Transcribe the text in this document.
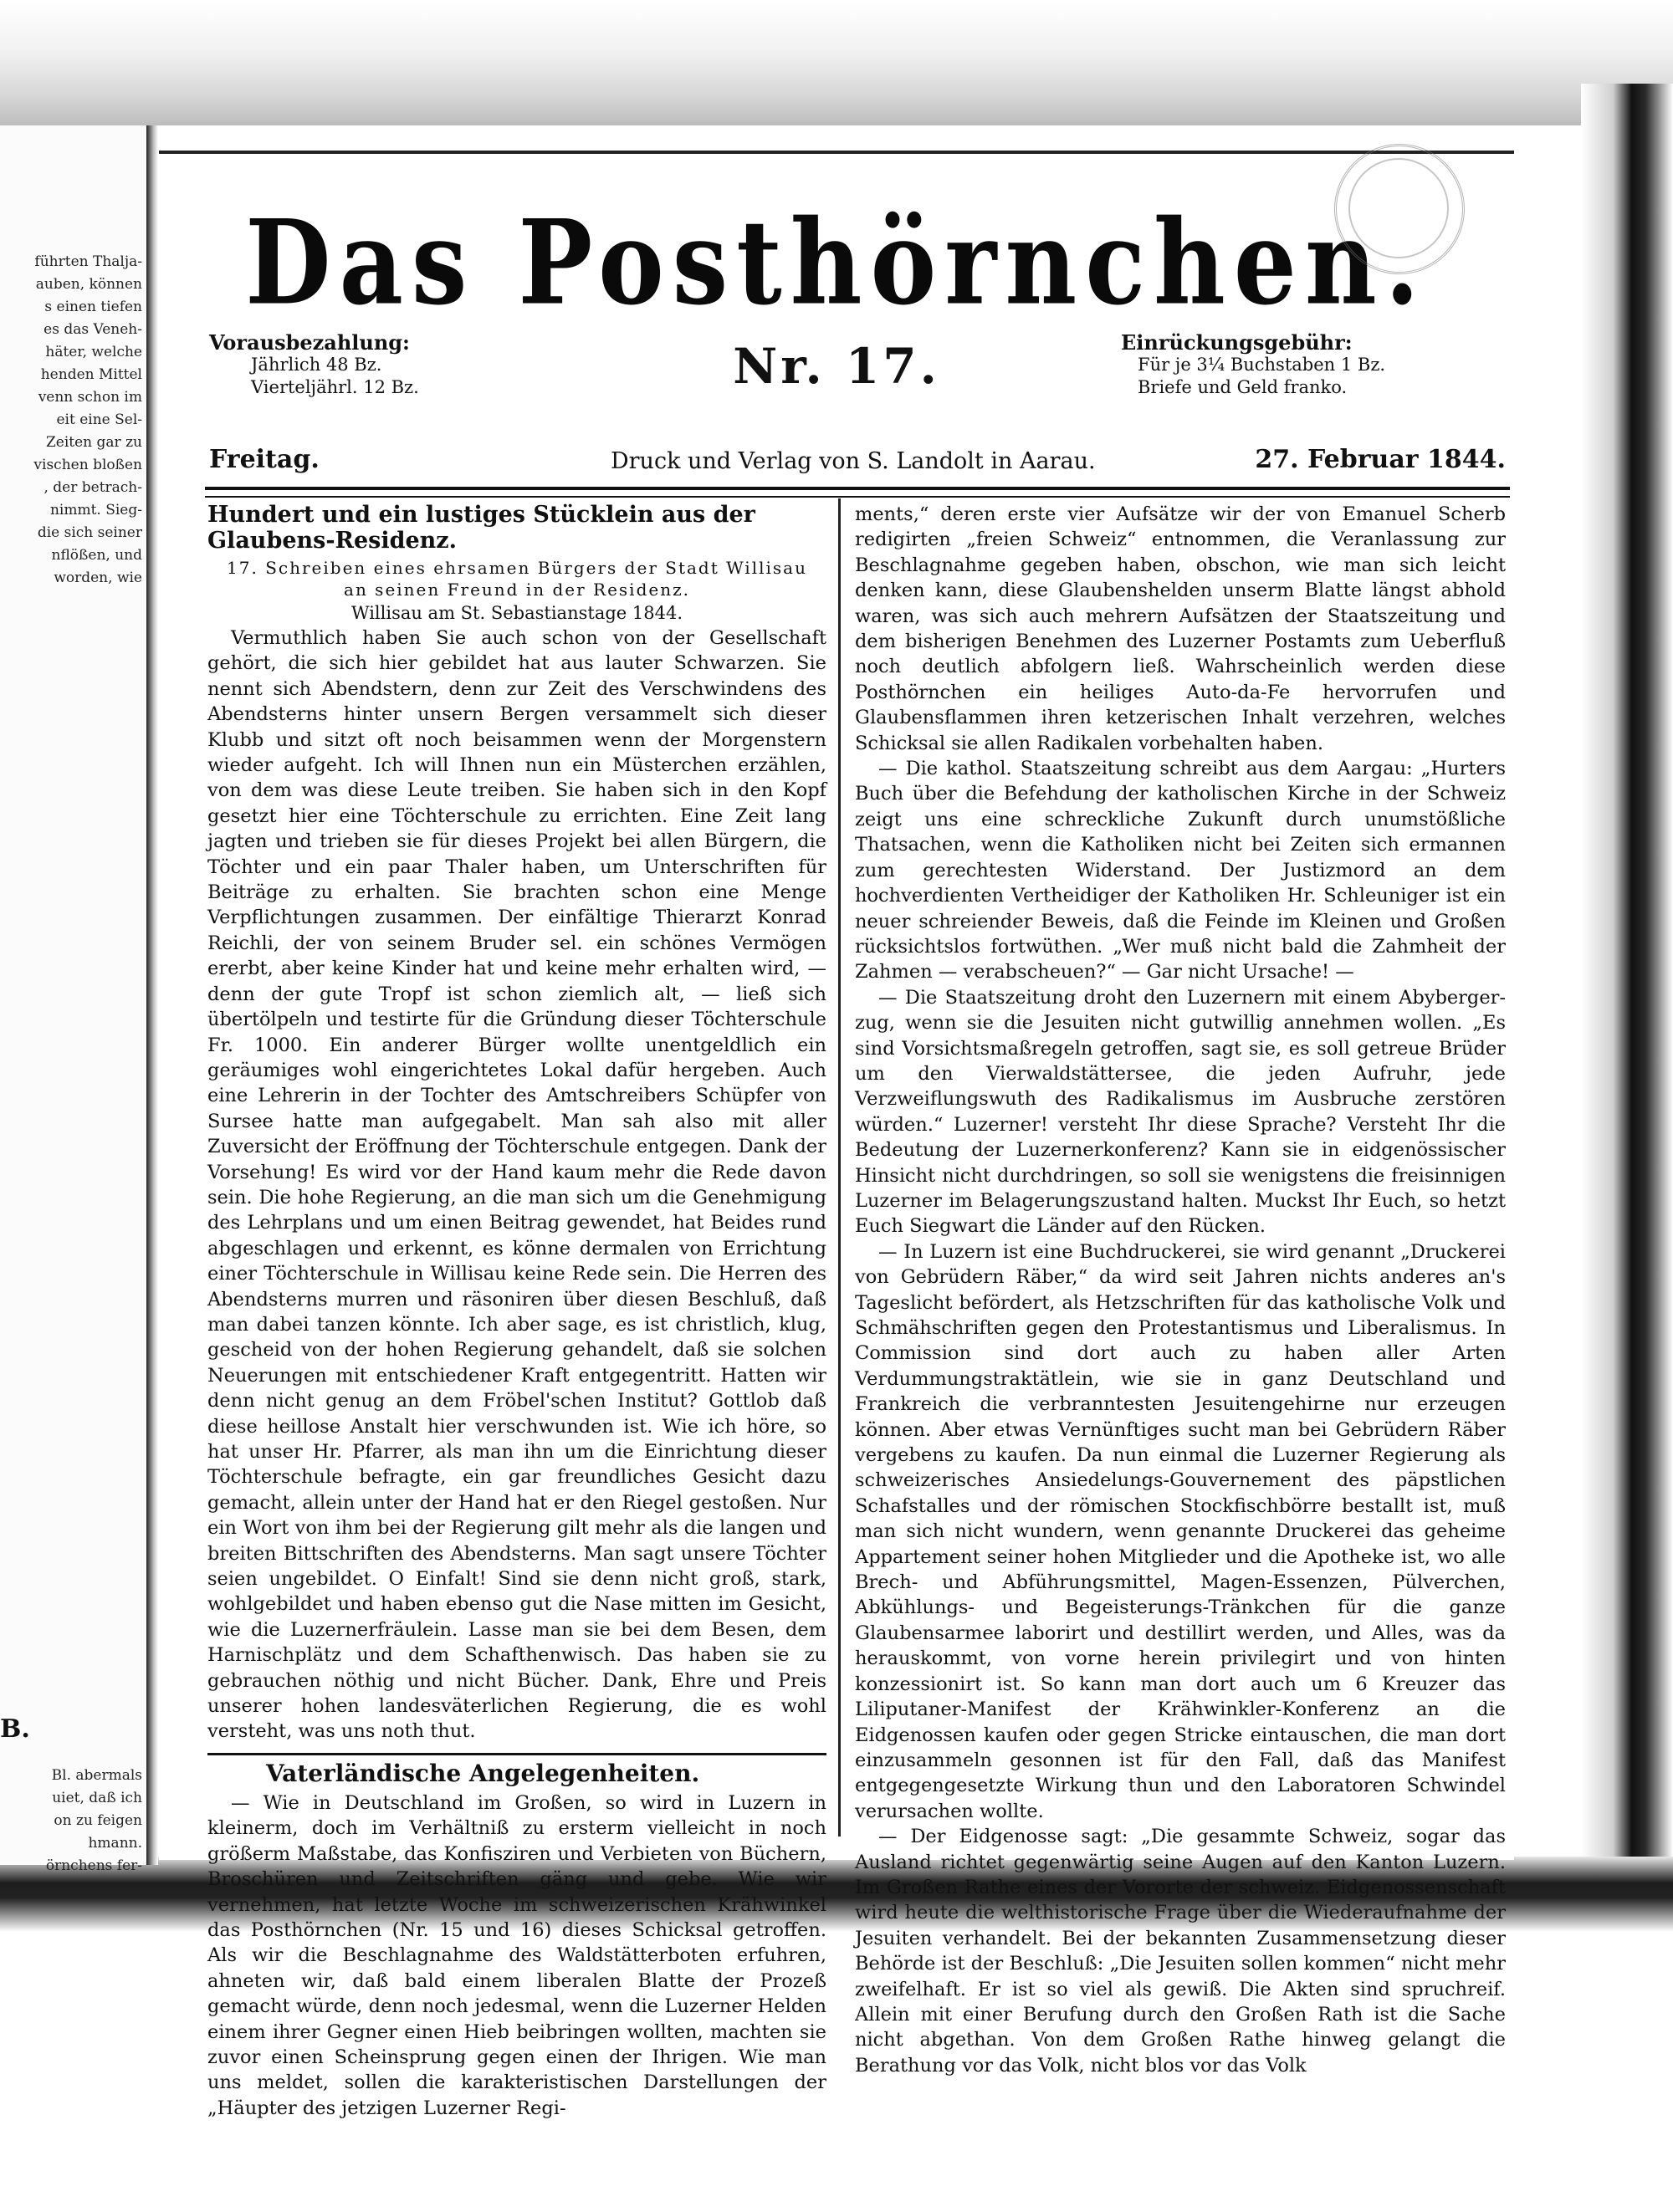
führten Thalja-
auben, können
s einen tiefen
es das Veneh-
häter, welche
henden Mittel
venn schon im
eit eine Sel-
Zeiten gar zu
vischen bloßen
, der betrach-
nimmt. Sieg-
die sich seiner
nflößen, und
worden, wie
B.
Bl. abermals
uiet, daß ich
on zu feigen
hmann.
örnchens fer-
Das Posthörnchen.
Vorausbezahlung:
Jährlich 48 Bz.
Vierteljährl. 12 Bz.	Nr. 17.	Einrückungsgebühr:
Für je 3¼ Buchstaben 1 Bz.
Briefe und Geld franko.
Freitag.	Druck und Verlag von S. Landolt in Aarau.	27. Februar 1844.
Hundert und ein lustiges Stücklein aus der Glaubens-Residenz.

17. Schreiben eines ehrsamen Bürgers der Stadt Willisau

an seinen Freund in der Residenz.

Willisau am St. Sebastianstage 1844.

Vermuthlich haben Sie auch schon von der Gesellschaft gehört, die sich hier gebildet hat aus lauter Schwarzen. Sie nennt sich Abendstern, denn zur Zeit des Verschwindens des Abendsterns hinter unsern Bergen versammelt sich dieser Klubb und sitzt oft noch beisammen wenn der Morgenstern wieder aufgeht. Ich will Ihnen nun ein Müsterchen erzählen, von dem was diese Leute treiben. Sie haben sich in den Kopf gesetzt hier eine Töchterschule zu errichten. Eine Zeit lang jagten und trieben sie für dieses Projekt bei allen Bürgern, die Töchter und ein paar Thaler haben, um Unterschriften für Beiträge zu erhalten. Sie brachten schon eine Menge Verpflichtungen zusammen. Der einfältige Thierarzt Konrad Reichli, der von seinem Bruder sel. ein schönes Vermögen ererbt, aber keine Kinder hat und keine mehr erhalten wird, — denn der gute Tropf ist schon ziemlich alt, — ließ sich übertölpeln und testirte für die Gründung dieser Töchterschule Fr. 1000. Ein anderer Bürger wollte unentgeldlich ein geräumiges wohl eingerichtetes Lokal dafür hergeben. Auch eine Lehrerin in der Tochter des Amtschreibers Schüpfer von Sursee hatte man aufgegabelt. Man sah also mit aller Zuversicht der Eröffnung der Töchterschule entgegen. Dank der Vorsehung! Es wird vor der Hand kaum mehr die Rede davon sein. Die hohe Regierung, an die man sich um die Genehmigung des Lehrplans und um einen Beitrag gewendet, hat Beides rund abgeschlagen und erkennt, es könne dermalen von Errichtung einer Töchterschule in Willisau keine Rede sein. Die Herren des Abendsterns murren und räsoniren über diesen Beschluß, daß man dabei tanzen könnte. Ich aber sage, es ist christlich, klug, gescheid von der hohen Regierung gehandelt, daß sie solchen Neuerungen mit entschiedener Kraft entgegentritt. Hatten wir denn nicht genug an dem Fröbel'schen Institut? Gottlob daß diese heillose Anstalt hier verschwunden ist. Wie ich höre, so hat unser Hr. Pfarrer, als man ihn um die Einrichtung dieser Töchterschule befragte, ein gar freundliches Gesicht dazu gemacht, allein unter der Hand hat er den Riegel gestoßen. Nur ein Wort von ihm bei der Regierung gilt mehr als die langen und breiten Bittschriften des Abendsterns. Man sagt unsere Töchter seien ungebildet. O Einfalt! Sind sie denn nicht groß, stark, wohlgebildet und haben ebenso gut die Nase mitten im Gesicht, wie die Luzernerfräulein. Lasse man sie bei dem Besen, dem Harnischplätz und dem Schafthenwisch. Das haben sie zu gebrauchen nöthig und nicht Bücher. Dank, Ehre und Preis unserer hohen landesväterlichen Regierung, die es wohl versteht, was uns noth thut.

Vaterländische Angelegenheiten.

— Wie in Deutschland im Großen, so wird in Luzern in kleinerm, doch im Verhältniß zu ersterm vielleicht in noch größerm Maßstabe, das Konfisziren und Verbieten von Büchern, Broschüren und Zeitschriften gäng und gebe. Wie wir vernehmen, hat letzte Woche im schweizerischen Krähwinkel das Posthörnchen (Nr. 15 und 16) dieses Schicksal getroffen. Als wir die Beschlagnahme des Waldstätterboten erfuhren, ahneten wir, daß bald einem liberalen Blatte der Prozeß gemacht würde, denn noch jedesmal, wenn die Luzerner Helden einem ihrer Gegner einen Hieb beibringen wollten, machten sie zuvor einen Scheinsprung gegen einen der Ihrigen. Wie man uns meldet, sollen die karakteristischen Darstellungen der „Häupter des jetzigen Luzerner Regi-

ments,“ deren erste vier Aufsätze wir der von Emanuel Scherb redigirten „freien Schweiz“ entnommen, die Veranlassung zur Beschlagnahme gegeben haben, obschon, wie man sich leicht denken kann, diese Glaubenshelden unserm Blatte längst abhold waren, was sich auch mehrern Aufsätzen der Staatszeitung und dem bisherigen Benehmen des Luzerner Postamts zum Ueberfluß noch deutlich abfolgern ließ. Wahrscheinlich werden diese Posthörnchen ein heiliges Auto-da-Fe hervorrufen und Glaubensflammen ihren ketzerischen Inhalt verzehren, welches Schicksal sie allen Radikalen vorbehalten haben.

— Die kathol. Staatszeitung schreibt aus dem Aargau: „Hurters Buch über die Befehdung der katholischen Kirche in der Schweiz zeigt uns eine schreckliche Zukunft durch unumstößliche Thatsachen, wenn die Katholiken nicht bei Zeiten sich ermannen zum gerechtesten Widerstand. Der Justizmord an dem hochverdienten Vertheidiger der Katholiken Hr. Schleuniger ist ein neuer schreiender Beweis, daß die Feinde im Kleinen und Großen rücksichtslos fortwüthen. „Wer muß nicht bald die Zahmheit der Zahmen — verabscheuen?“ — Gar nicht Ursache! —

— Die Staatszeitung droht den Luzernern mit einem Abyberger-zug, wenn sie die Jesuiten nicht gutwillig annehmen wollen. „Es sind Vorsichtsmaßregeln getroffen, sagt sie, es soll getreue Brüder um den Vierwaldstättersee, die jeden Aufruhr, jede Verzweiflungswuth des Radikalismus im Ausbruche zerstören würden.“ Luzerner! versteht Ihr diese Sprache? Versteht Ihr die Bedeutung der Luzernerkonferenz? Kann sie in eidgenössischer Hinsicht nicht durchdringen, so soll sie wenigstens die freisinnigen Luzerner im Belagerungszustand halten. Muckst Ihr Euch, so hetzt Euch Siegwart die Länder auf den Rücken.

— In Luzern ist eine Buchdruckerei, sie wird genannt „Druckerei von Gebrüdern Räber,“ da wird seit Jahren nichts anderes an's Tageslicht befördert, als Hetzschriften für das katholische Volk und Schmähschriften gegen den Protestantismus und Liberalismus. In Commission sind dort auch zu haben aller Arten Verdummungstraktätlein, wie sie in ganz Deutschland und Frankreich die verbranntesten Jesuitengehirne nur erzeugen können. Aber etwas Vernünftiges sucht man bei Gebrüdern Räber vergebens zu kaufen. Da nun einmal die Luzerner Regierung als schweizerisches Ansiedelungs-Gouvernement des päpstlichen Schafstalles und der römischen Stockfischbörre bestallt ist, muß man sich nicht wundern, wenn genannte Druckerei das geheime Appartement seiner hohen Mitglieder und die Apotheke ist, wo alle Brech- und Abführungsmittel, Magen-Essenzen, Pülverchen, Abkühlungs- und Begeisterungs-Tränkchen für die ganze Glaubensarmee laborirt und destillirt werden, und Alles, was da herauskommt, von vorne herein privilegirt und von hinten konzessionirt ist. So kann man dort auch um 6 Kreuzer das Liliputaner-Manifest der Krähwinkler-Konferenz an die Eidgenossen kaufen oder gegen Stricke eintauschen, die man dort einzusammeln gesonnen ist für den Fall, daß das Manifest entgegengesetzte Wirkung thun und den Laboratoren Schwindel verursachen wollte.

— Der Eidgenosse sagt: „Die gesammte Schweiz, sogar das Ausland richtet gegenwärtig seine Augen auf den Kanton Luzern. Im Großen Rathe eines der Vororte der schweiz. Eidgenossenschaft wird heute die welthistorische Frage über die Wiederaufnahme der Jesuiten verhandelt. Bei der bekannten Zusammensetzung dieser Behörde ist der Beschluß: „Die Jesuiten sollen kommen“ nicht mehr zweifelhaft. Er ist so viel als gewiß. Die Akten sind spruchreif. Allein mit einer Berufung durch den Großen Rath ist die Sache nicht abgethan. Von dem Großen Rathe hinweg gelangt die Berathung vor das Volk, nicht blos vor das Volk
